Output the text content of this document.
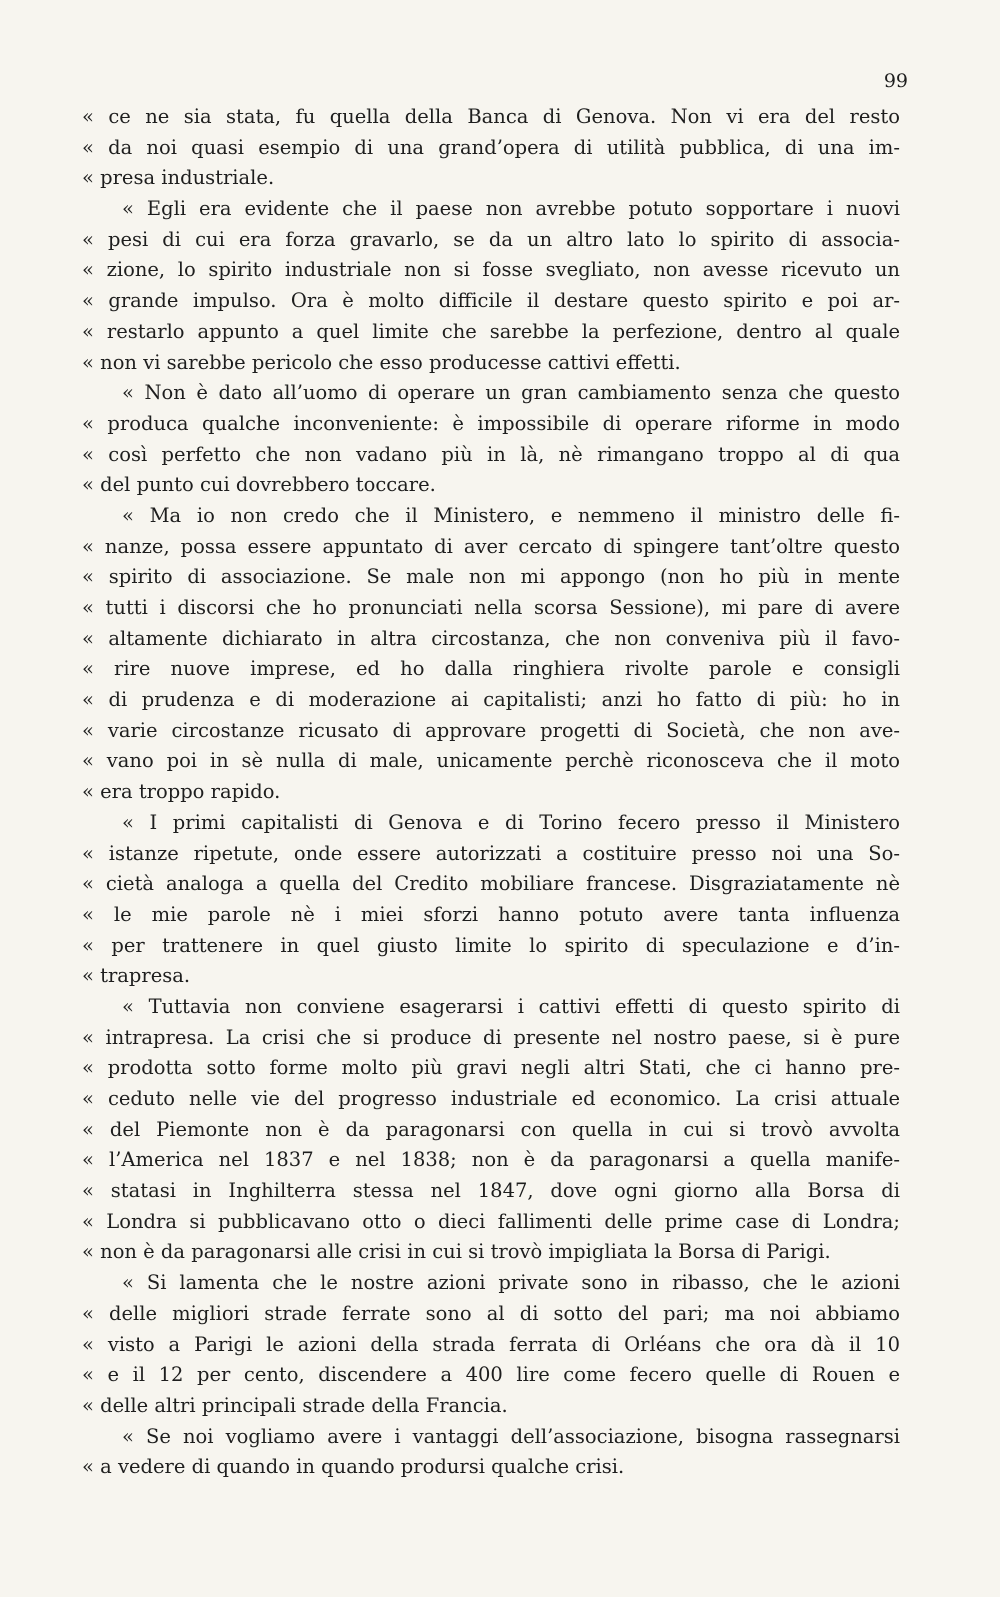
99
« ce ne sia stata, fu quella della Banca di Genova. Non vi era del resto
« da noi quasi esempio di una grand’opera di utilità pubblica, di una im-
« presa industriale.
« Egli era evidente che il paese non avrebbe potuto sopportare i nuovi
« pesi di cui era forza gravarlo, se da un altro lato lo spirito di associa-
« zione, lo spirito industriale non si fosse svegliato, non avesse ricevuto un
« grande impulso. Ora è molto difficile il destare questo spirito e poi ar-
« restarlo appunto a quel limite che sarebbe la perfezione, dentro al quale
« non vi sarebbe pericolo che esso producesse cattivi effetti.
« Non è dato all’uomo di operare un gran cambiamento senza che questo
« produca qualche inconveniente: è impossibile di operare riforme in modo
« così perfetto che non vadano più in là, nè rimangano troppo al di qua
« del punto cui dovrebbero toccare.
« Ma io non credo che il Ministero, e nemmeno il ministro delle fi-
« nanze, possa essere appuntato di aver cercato di spingere tant’oltre questo
« spirito di associazione. Se male non mi appongo (non ho più in mente
« tutti i discorsi che ho pronunciati nella scorsa Sessione), mi pare di avere
« altamente dichiarato in altra circostanza, che non conveniva più il favo-
« rire nuove imprese, ed ho dalla ringhiera rivolte parole e consigli
« di prudenza e di moderazione ai capitalisti; anzi ho fatto di più: ho in
« varie circostanze ricusato di approvare progetti di Società, che non ave-
« vano poi in sè nulla di male, unicamente perchè riconosceva che il moto
« era troppo rapido.
« I primi capitalisti di Genova e di Torino fecero presso il Ministero
« istanze ripetute, onde essere autorizzati a costituire presso noi una So-
« cietà analoga a quella del Credito mobiliare francese. Disgraziatamente nè
« le mie parole nè i miei sforzi hanno potuto avere tanta influenza
« per trattenere in quel giusto limite lo spirito di speculazione e d’in-
« trapresa.
« Tuttavia non conviene esagerarsi i cattivi effetti di questo spirito di
« intrapresa. La crisi che si produce di presente nel nostro paese, si è pure
« prodotta sotto forme molto più gravi negli altri Stati, che ci hanno pre-
« ceduto nelle vie del progresso industriale ed economico. La crisi attuale
« del Piemonte non è da paragonarsi con quella in cui si trovò avvolta
« l’America nel 1837 e nel 1838; non è da paragonarsi a quella manife-
« statasi in Inghilterra stessa nel 1847, dove ogni giorno alla Borsa di
« Londra si pubblicavano otto o dieci fallimenti delle prime case di Londra;
« non è da paragonarsi alle crisi in cui si trovò impigliata la Borsa di Parigi.
« Si lamenta che le nostre azioni private sono in ribasso, che le azioni
« delle migliori strade ferrate sono al di sotto del pari; ma noi abbiamo
« visto a Parigi le azioni della strada ferrata di Orléans che ora dà il 10
« e il 12 per cento, discendere a 400 lire come fecero quelle di Rouen e
« delle altri principali strade della Francia.
« Se noi vogliamo avere i vantaggi dell’associazione, bisogna rassegnarsi
« a vedere di quando in quando prodursi qualche crisi.
